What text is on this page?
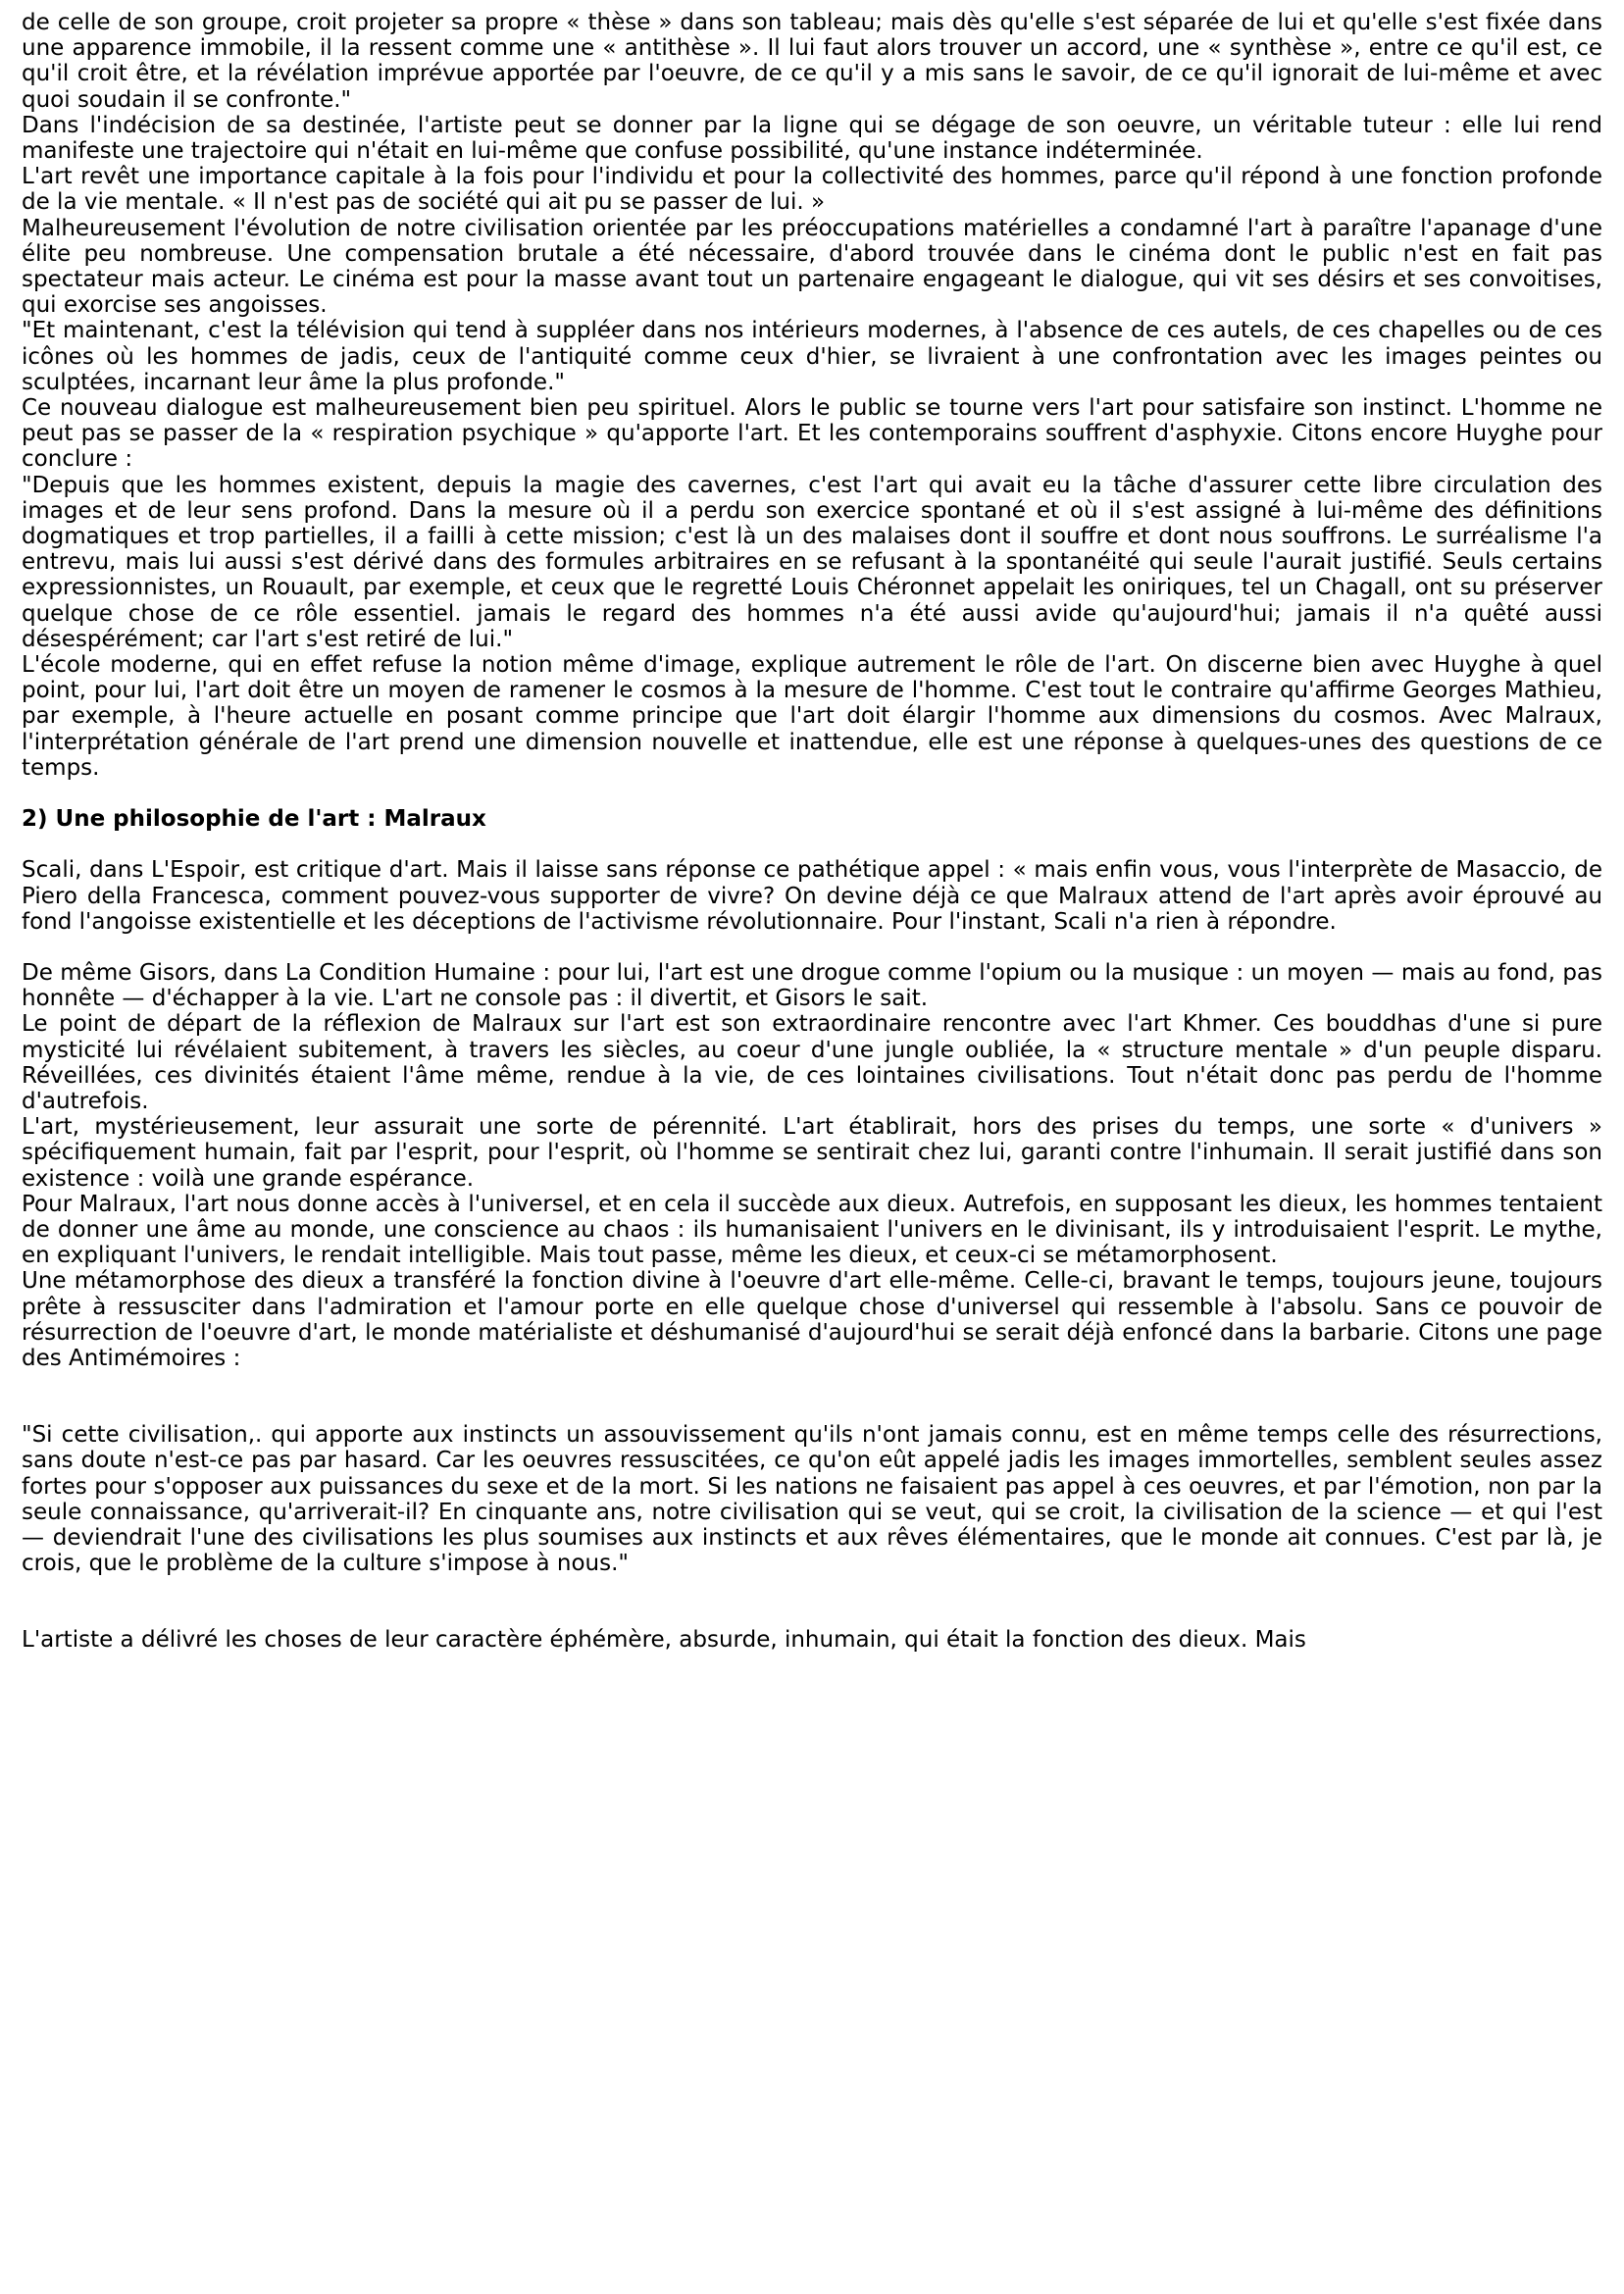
de celle de son groupe, croit projeter sa propre « thèse » dans son tableau; mais dès qu'elle s'est séparée de lui et qu'elle s'est fixée dans une apparence immobile, il la ressent comme une « antithèse ». Il lui faut alors trouver un accord, une « synthèse », entre ce qu'il est, ce qu'il croit être, et la révélation imprévue apportée par l'oeuvre, de ce qu'il y a mis sans le savoir, de ce qu'il ignorait de lui-même et avec quoi soudain il se confronte."

Dans l'indécision de sa destinée, l'artiste peut se donner par la ligne qui se dégage de son oeuvre, un véritable tuteur : elle lui rend manifeste une trajectoire qui n'était en lui-même que confuse possibilité, qu'une instance indéterminée.

L'art revêt une importance capitale à la fois pour l'individu et pour la collectivité des hommes, parce qu'il répond à une fonction profonde de la vie mentale. « Il n'est pas de société qui ait pu se passer de lui. »

Malheureusement l'évolution de notre civilisation orientée par les préoccupations matérielles a condamné l'art à paraître l'apanage d'une élite peu nombreuse. Une compensation brutale a été nécessaire, d'abord trouvée dans le cinéma dont le public n'est en fait pas spectateur mais acteur. Le cinéma est pour la masse avant tout un partenaire engageant le dialogue, qui vit ses désirs et ses convoitises, qui exorcise ses angoisses.

"Et maintenant, c'est la télévision qui tend à suppléer dans nos intérieurs modernes, à l'absence de ces autels, de ces chapelles ou de ces icônes où les hommes de jadis, ceux de l'antiquité comme ceux d'hier, se livraient à une confrontation avec les images peintes ou sculptées, incarnant leur âme la plus profonde."

Ce nouveau dialogue est malheureusement bien peu spirituel. Alors le public se tourne vers l'art pour satisfaire son instinct. L'homme ne peut pas se passer de la « respiration psychique » qu'apporte l'art. Et les contemporains souffrent d'asphyxie. Citons encore Huyghe pour conclure :

"Depuis que les hommes existent, depuis la magie des cavernes, c'est l'art qui avait eu la tâche d'assurer cette libre circulation des images et de leur sens profond. Dans la mesure où il a perdu son exercice spontané et où il s'est assigné à lui-même des définitions dogmatiques et trop partielles, il a failli à cette mission; c'est là un des malaises dont il souffre et dont nous souffrons. Le surréalisme l'a entrevu, mais lui aussi s'est dérivé dans des formules arbitraires en se refusant à la spontanéité qui seule l'aurait justifié. Seuls certains expressionnistes, un Rouault, par exemple, et ceux que le regretté Louis Chéronnet appelait les oniriques, tel un Chagall, ont su préserver quelque chose de ce rôle essentiel. jamais le regard des hommes n'a été aussi avide qu'aujourd'hui; jamais il n'a quêté aussi désespérément; car l'art s'est retiré de lui."

L'école moderne, qui en effet refuse la notion même d'image, explique autrement le rôle de l'art. On discerne bien avec Huyghe à quel point, pour lui, l'art doit être un moyen de ramener le cosmos à la mesure de l'homme. C'est tout le contraire qu'affirme Georges Mathieu, par exemple, à l'heure actuelle en posant comme principe que l'art doit élargir l'homme aux dimensions du cosmos. Avec Malraux, l'interprétation générale de l'art prend une dimension nouvelle et inattendue, elle est une réponse à quelques-unes des questions de ce temps.

2) Une philosophie de l'art : Malraux

Scali, dans L'Espoir, est critique d'art. Mais il laisse sans réponse ce pathétique appel : « mais enfin vous, vous l'interprète de Masaccio, de Piero della Francesca, comment pouvez-vous supporter de vivre? On devine déjà ce que Malraux attend de l'art après avoir éprouvé au fond l'angoisse existentielle et les déceptions de l'activisme révolutionnaire. Pour l'instant, Scali n'a rien à répondre.

De même Gisors, dans La Condition Humaine : pour lui, l'art est une drogue comme l'opium ou la musique : un moyen — mais au fond, pas honnête — d'échapper à la vie. L'art ne console pas : il divertit, et Gisors le sait.

Le point de départ de la réflexion de Malraux sur l'art est son extraordinaire rencontre avec l'art Khmer. Ces bouddhas d'une si pure mysticité lui révélaient subitement, à travers les siècles, au coeur d'une jungle oubliée, la « structure mentale » d'un peuple disparu. Réveillées, ces divinités étaient l'âme même, rendue à la vie, de ces lointaines civilisations. Tout n'était donc pas perdu de l'homme d'autrefois.

L'art, mystérieusement, leur assurait une sorte de pérennité. L'art établirait, hors des prises du temps, une sorte « d'univers » spécifiquement humain, fait par l'esprit, pour l'esprit, où l'homme se sentirait chez lui, garanti contre l'inhumain. Il serait justifié dans son existence : voilà une grande espérance.

Pour Malraux, l'art nous donne accès à l'universel, et en cela il succède aux dieux. Autrefois, en supposant les dieux, les hommes tentaient de donner une âme au monde, une conscience au chaos : ils humanisaient l'univers en le divinisant, ils y introduisaient l'esprit. Le mythe, en expliquant l'univers, le rendait intelligible. Mais tout passe, même les dieux, et ceux-ci se métamorphosent.

Une métamorphose des dieux a transféré la fonction divine à l'oeuvre d'art elle-même. Celle-ci, bravant le temps, toujours jeune, toujours prête à ressusciter dans l'admiration et l'amour porte en elle quelque chose d'universel qui ressemble à l'absolu. Sans ce pouvoir de résurrection de l'oeuvre d'art, le monde matérialiste et déshumanisé d'aujourd'hui se serait déjà enfoncé dans la barbarie. Citons une page des Antimémoires :

"Si cette civilisation,. qui apporte aux instincts un assouvissement qu'ils n'ont jamais connu, est en même temps celle des résurrections, sans doute n'est-ce pas par hasard. Car les oeuvres ressuscitées, ce qu'on eût appelé jadis les images immortelles, semblent seules assez fortes pour s'opposer aux puissances du sexe et de la mort. Si les nations ne faisaient pas appel à ces oeuvres, et par l'émotion, non par la seule connaissance, qu'arriverait-il? En cinquante ans, notre civilisation qui se veut, qui se croit, la civilisation de la science — et qui l'est — deviendrait l'une des civilisations les plus soumises aux instincts et aux rêves élémentaires, que le monde ait connues. C'est par là, je crois, que le problème de la culture s'impose à nous."

L'artiste a délivré les choses de leur caractère éphémère, absurde, inhumain, qui était la fonction des dieux. Mais
